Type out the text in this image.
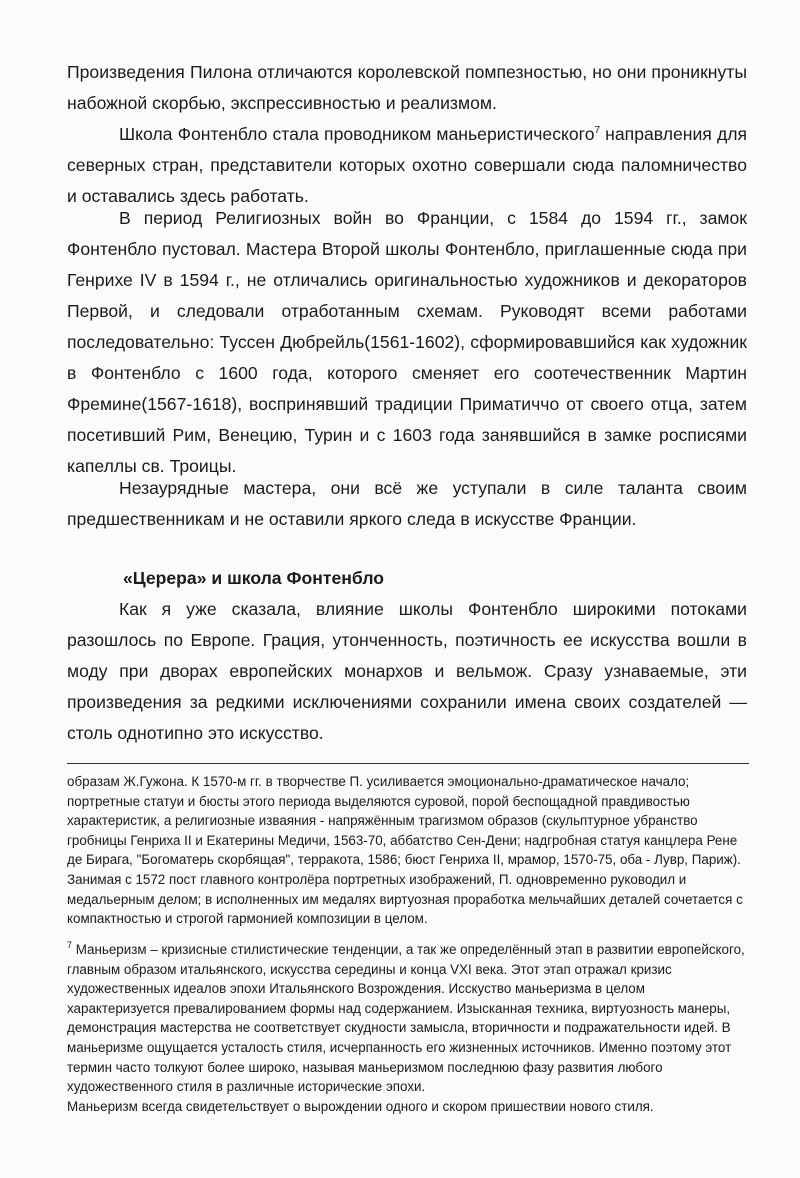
Произведения Пилона отличаются королевской помпезностью, но они проникнуты набожной скорбью, экспрессивностью и реализмом.

Школа Фонтенбло стала проводником маньеристического$^7$ направления для северных стран, представители которых охотно совершали сюда паломничество и оставались здесь работать.

В период Религиозных войн во Франции, с 1584 до 1594 гг., замок Фонтенбло пустовал. Мастера Второй школы Фонтенбло, приглашенные сюда при Генрихе IV в 1594 г., не отличались оригинальностью художников и декораторов Первой, и следовали отработанным схемам. Руководят всеми работами последовательно: Туссен Дюбрейль(1561-1602), сформировавшийся как художник в Фонтенбло с 1600 года, которого сменяет его соотечественник Мартин Фремине(1567-1618), воспринявший традиции Приматиччо от своего отца, затем посетивший Рим, Венецию, Турин и с 1603 года занявшийся в замке росписями капеллы св. Троицы.

Незаурядные мастера, они всё же уступали в силе таланта своим предшественникам и не оставили яркого следа в искусстве Франции.

«Церера» и школа Фонтенбло

Как я уже сказала, влияние школы Фонтенбло широкими потоками разошлось по Европе. Грация, утонченность, поэтичность ее искусства вошли в моду при дворах европейских монархов и вельмож. Сразу узнаваемые, эти произведения за редкими исключениями сохранили имена своих создателей — столь однотипно это искусство.

образам Ж.Гужона. К 1570-м гг. в творчестве П. усиливается эмоционально-драматическое начало; портретные статуи и бюсты этого периода выделяются суровой, порой беспощадной правдивостью характеристик, а религиозные изваяния - напряжённым трагизмом образов (скульптурное убранство гробницы Генриха II и Екатерины Медичи, 1563-70, аббатство Сен-Дени; надгробная статуя канцлера Рене де Бирага, "Богоматерь скорбящая", терракота, 1586; бюст Генриха II, мрамор, 1570-75, оба - Лувр, Париж). Занимая с 1572 пост главного контролёра портретных изображений, П. одновременно руководил и медальерным делом; в исполненных им медалях виртуозная проработка мельчайших деталей сочетается с компактностью и строгой гармонией композиции в целом.

$^7$ Маньеризм – кризисные стилистические тенденции, а так же определённый этап в развитии европейского, главным образом итальянского, искусства середины и конца VXI века. Этот этап отражал кризис художественных идеалов эпохи Итальянского Возрождения. Исскуство маньеризма в целом характеризуется превалированием формы над содержанием. Изысканная техника, виртуозность манеры, демонстрация мастерства не соответствует скудности замысла, вторичности и подражательности идей. В маньеризме ощущается усталость стиля, исчерпанность его жизненных источников. Именно поэтому этот термин часто толкуют более широко, называя маньеризмом последнюю фазу развития любого художественного стиля в различные исторические эпохи.

Маньеризм всегда свидетельствует о вырождении одного и скором пришествии нового стиля.
